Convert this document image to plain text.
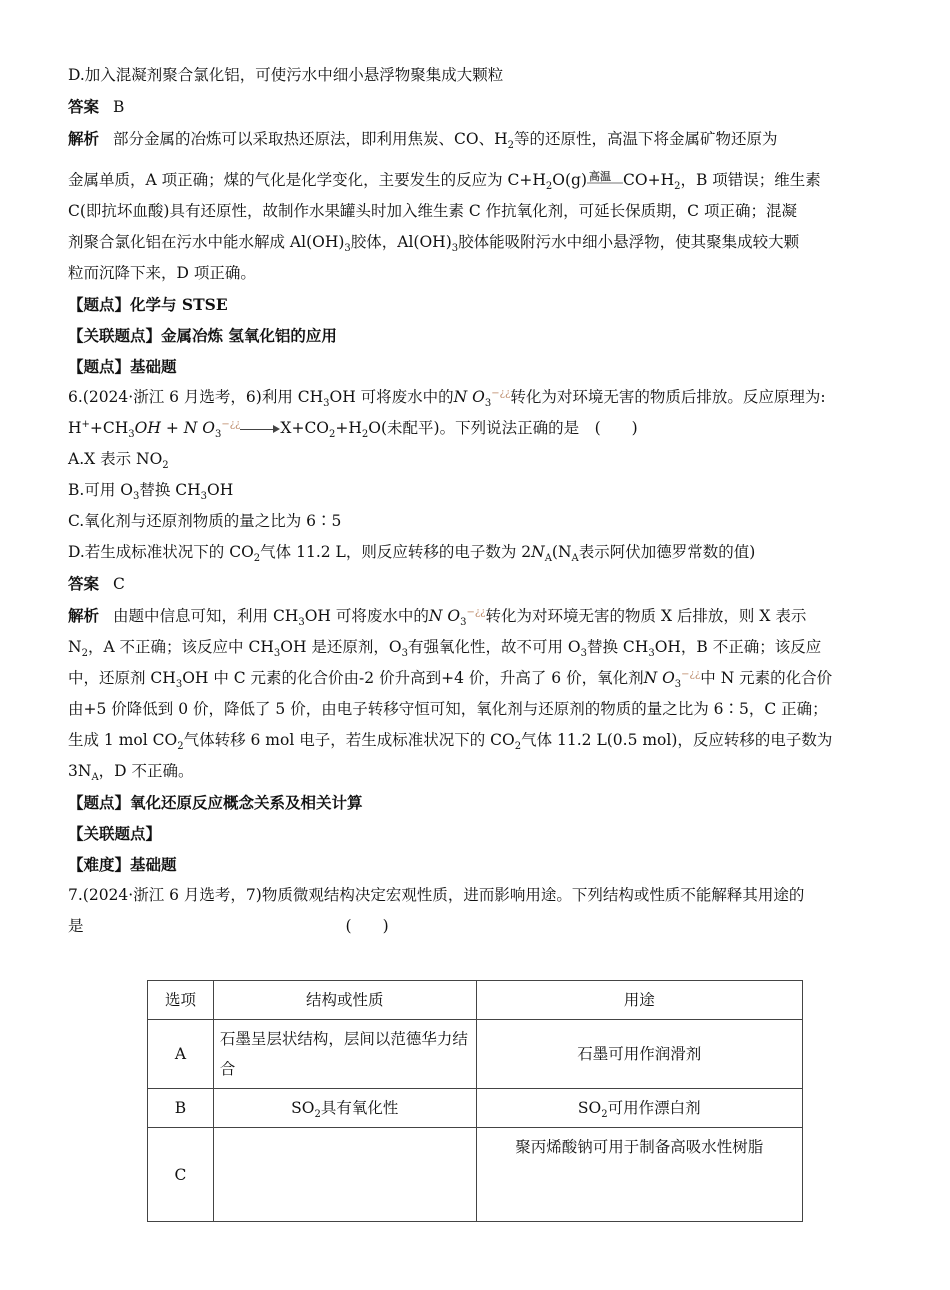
D.加入混凝剂聚合氯化铝，可使污水中细小悬浮物聚集成大颗粒

答案 B

解析 部分金属的冶炼可以采取热还原法，即利用焦炭、CO、$H_2$等的还原性，高温下将金属矿物还原为

金属单质，A 项正确；煤的气化是化学变化，主要发生的反应为 $C+H_2O(g)$ 高温 $CO+H_2$，B 项错误；维生素

C(即抗坏血酸)具有还原性，故制作水果罐头时加入维生素 C 作抗氧化剂，可延长保质期，C 项正确；混凝

剂聚合氯化铝在污水中能水解成 $Al(OH)_3$胶体，$Al(OH)_3$胶体能吸附污水中细小悬浮物，使其聚集成较大颗

粒而沉降下来，D 项正确。

【题点】化学与 STSE

【关联题点】金属冶炼 氢氧化铝的应用

【题点】基础题

6.(2024·浙江 6 月选考，6)利用 $CH_3OH$ 可将废水中的N $O_3^{-¿¿}$转化为对环境无害的物质后排放。反应原理为:

$H^++CH_3OH + N$ $O_3^{-¿¿}$	$X+CO_2+H_2O$(未配平)。下列说法正确的是　(　　)

A.X 表示 $NO_2$

B.可用 $O_3$替换 $CH_3OH$

C.氧化剂与还原剂物质的量之比为 6∶5

D.若生成标准状况下的 $CO_2$气体 11.2 L，则反应转移的电子数为 $2N_A(N_A$表示阿伏加德罗常数的值)

答案 C

解析 由题中信息可知，利用 $CH_3OH$ 可将废水中的N $O_3^{-¿¿}$转化为对环境无害的物质 X 后排放，则 X 表示

$N_2$，A 不正确；该反应中 $CH_3OH$ 是还原剂，$O_3$有强氧化性，故不可用 $O_3$替换 $CH_3OH$，B 不正确；该反应

中，还原剂 $CH_3OH$ 中 C 元素的化合价由-2 价升高到+4 价，升高了 6 价，氧化剂N $O_3^{-¿¿}$中 N 元素的化合价

由+5 价降低到 0 价，降低了 5 价，由电子转移守恒可知，氧化剂与还原剂的物质的量之比为 6∶5，C 正确；

生成 1 mol $CO_2$气体转移 6 mol 电子，若生成标准状况下的 $CO_2$气体 11.2 L(0.5 mol)，反应转移的电子数为

$3N_A$，D 不正确。

【题点】氧化还原反应概念关系及相关计算

【关联题点】

【难度】基础题

7.(2024·浙江 6 月选考，7)物质微观结构决定宏观性质，进而影响用途。下列结构或性质不能解释其用途的

是	(　　)

选项	结构或性质	用途
A	石墨呈层状结构，层间以范德华力结合	石墨可用作润滑剂
B	$SO_2$具有氧化性	$SO_2$可用作漂白剂
C		聚丙烯酸钠可用于制备高吸水性树脂
